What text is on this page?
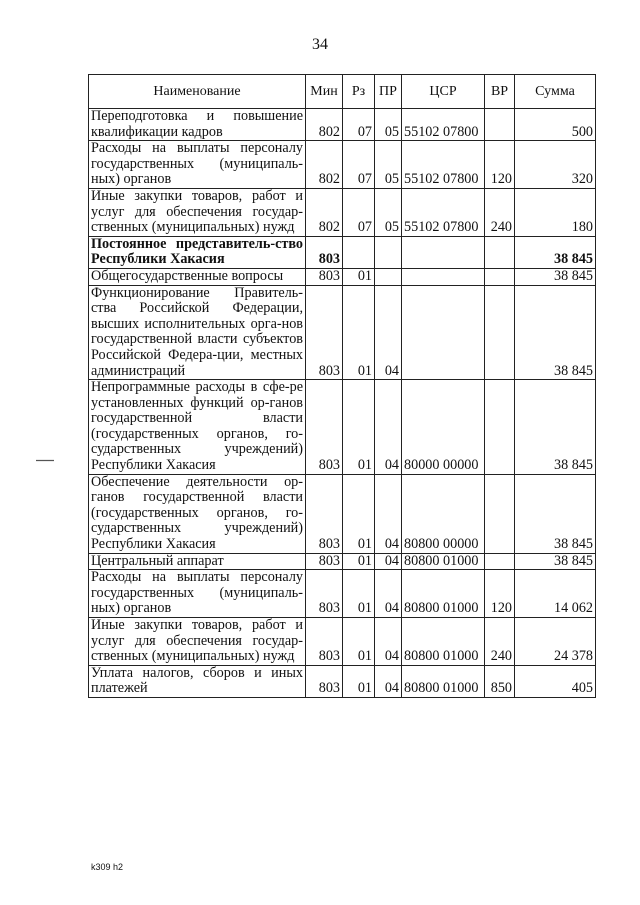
34
Наименование	Мин	Рз	ПР	ЦСР	ВР	Сумма
Переподготовка и повышение квалификации кадров	802	07	05	55102 07800		500
Расходы на выплаты персоналу государственных (муниципаль-ных) органов	802	07	05	55102 07800	120	320
Иные закупки товаров, работ и услуг для обеспечения государ-ственных (муниципальных) нужд	802	07	05	55102 07800	240	180
Постоянное представитель-ство Республики Хакасия	803					38 845
Общегосударственные вопросы	803	01				38 845
Функционирование Правитель-ства Российской Федерации, высших исполнительных орга-нов государственной власти субъектов Российской Федера-ции, местных администраций	803	01	04			38 845
Непрограммные расходы в сфе-ре установленных функций ор-ганов государственной власти (государственных органов, го-сударственных учреждений) Республики Хакасия	803	01	04	80000 00000		38 845
Обеспечение деятельности ор-ганов государственной власти (государственных органов, го-сударственных учреждений) Республики Хакасия	803	01	04	80800 00000		38 845
Центральный аппарат	803	01	04	80800 01000		38 845
Расходы на выплаты персоналу государственных (муниципаль-ных) органов	803	01	04	80800 01000	120	14 062
Иные закупки товаров, работ и услуг для обеспечения государ-ственных (муниципальных) нужд	803	01	04	80800 01000	240	24 378
Уплата налогов, сборов и иных платежей	803	01	04	80800 01000	850	405
k309 h2
